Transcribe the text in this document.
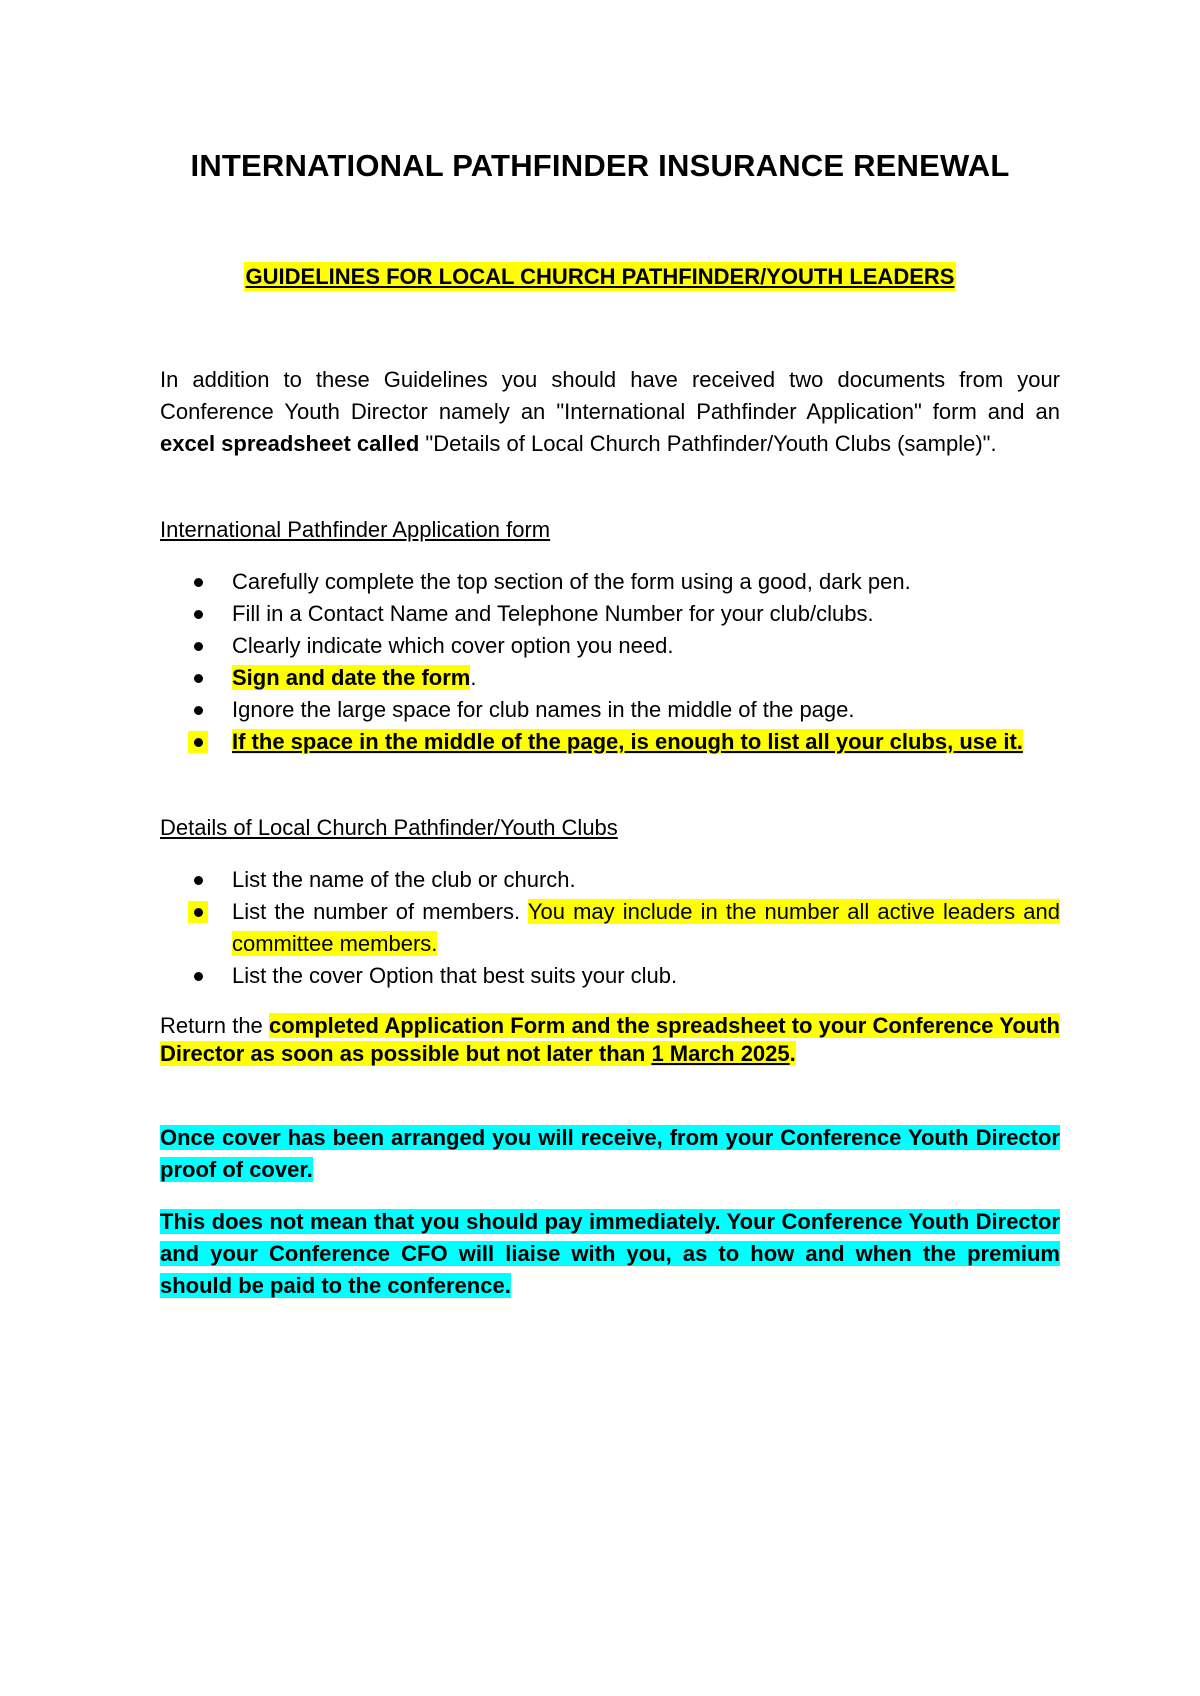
INTERNATIONAL PATHFINDER INSURANCE RENEWAL
GUIDELINES FOR LOCAL CHURCH PATHFINDER/YOUTH LEADERS
In addition to these Guidelines you should have received two documents from your Conference Youth Director namely an "International Pathfinder Application" form and an excel spreadsheet called "Details of Local Church Pathfinder/Youth Clubs (sample)".
International Pathfinder Application form
Carefully complete the top section of the form using a good, dark pen.
Fill in a Contact Name and Telephone Number for your club/clubs.
Clearly indicate which cover option you need.
Sign and date the form.
Ignore the large space for club names in the middle of the page.
If the space in the middle of the page, is enough to list all your clubs, use it.
Details of Local Church Pathfinder/Youth Clubs
List the name of the club or church.
List the number of members. You may include in the number all active leaders and committee members.
List the cover Option that best suits your club.
Return the completed Application Form and the spreadsheet to your Conference Youth Director as soon as possible but not later than 1 March 2025.
Once cover has been arranged you will receive, from your Conference Youth Director proof of cover.
This does not mean that you should pay immediately. Your Conference Youth Director and your Conference CFO will liaise with you, as to how and when the premium should be paid to the conference.
